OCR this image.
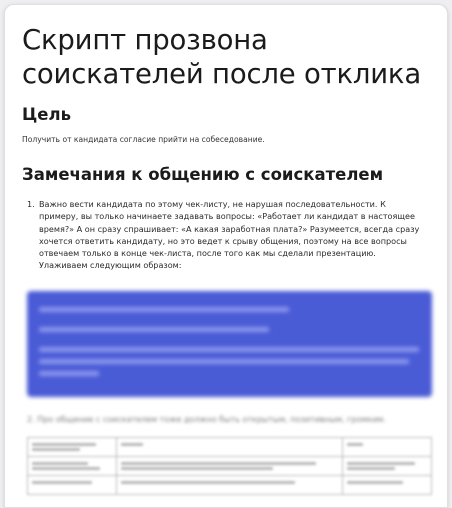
Скрипт прозвона соискателей после отклика
Цель

Получить от кандидата согласие прийти на собеседование.

Замечания к общению с соискателем
1. Важно вести кандидата по этому чек-листу, не нарушая последовательности. К примеру, вы только начинаете задавать вопросы: «Работает ли кандидат в настоящее время?» А он сразу спрашивает: «А какая заработная плата?» Разумеется, всегда сразу хочется ответить кандидату, но это ведет к срыву общения, поэтому на все вопросы отвечаем только в конце чек-листа, после того как мы сделали презентацию. Улаживаем следующим образом:

2. Про общение с соискателем тоже должно быть открытым, позитивным, громким.
